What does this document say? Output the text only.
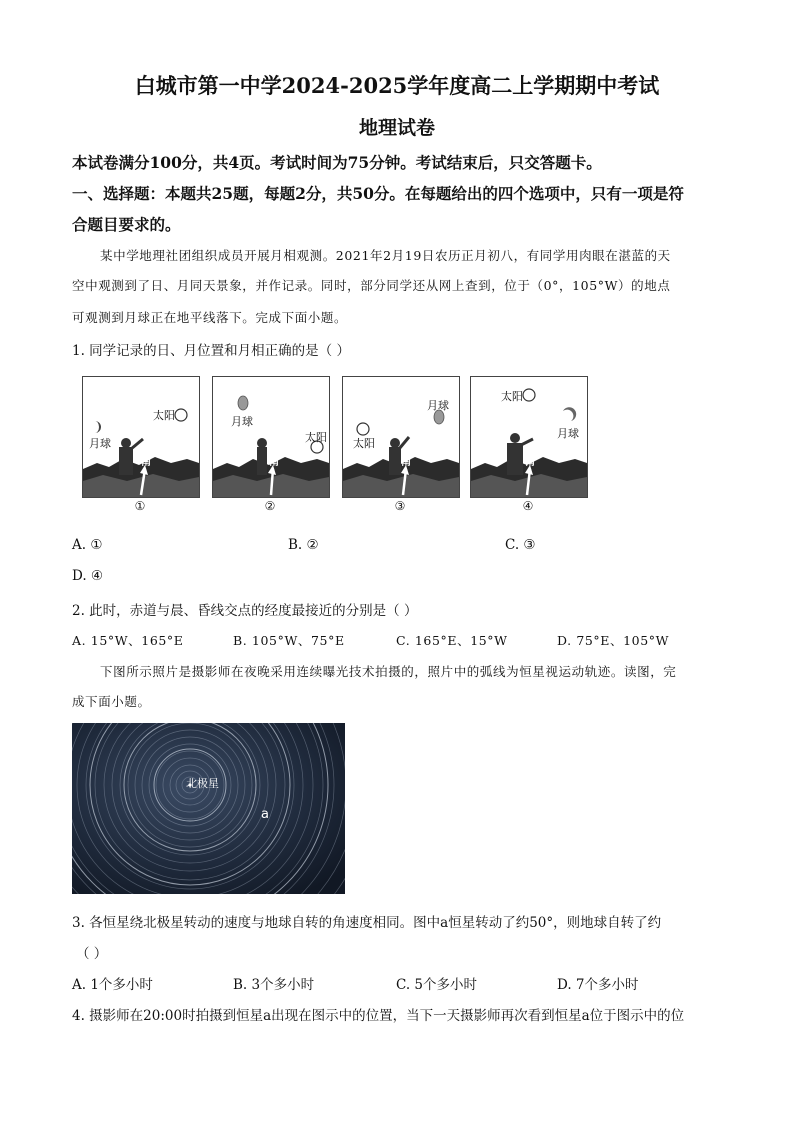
白城市第一中学2024-2025学年度高二上学期期中考试
地理试卷
本试卷满分100分，共4页。考试时间为75分钟。考试结束后，只交答题卡。
一、选择题：本题共25题，每题2分，共50分。在每题给出的四个选项中，只有一项是符
合题目要求的。
某中学地理社团组织成员开展月相观测。2021年2月19日农历正月初八，有同学用肉眼在湛蓝的天
空中观测到了日、月同天景象，并作记录。同时，部分同学还从网上查到，位于（0°，105°W）的地点
可观测到月球正在地平线落下。完成下面小题。
1. 同学记录的日、月位置和月相正确的是（ ）
太阳
月球
南
①
太阳
月球
南
②
太阳
月球
南
③
太阳
月球
南
④
A. ①	B. ②	C. ③
D. ④
2. 此时，赤道与晨、昏线交点的经度最接近的分别是（ ）
A. 15°W、165°E	B. 105°W、75°E	C. 165°E、15°W	D. 75°E、105°W
下图所示照片是摄影师在夜晚采用连续曝光技术拍摄的，照片中的弧线为恒星视运动轨迹。读图，完
成下面小题。
北极星
a
3. 各恒星绕北极星转动的速度与地球自转的角速度相同。图中a恒星转动了约50°，则地球自转了约
（ ）
A. 1个多小时	B. 3个多小时	C. 5个多小时	D. 7个多小时
4. 摄影师在20:00时拍摄到恒星a出现在图示中的位置，当下一天摄影师再次看到恒星a位于图示中的位
